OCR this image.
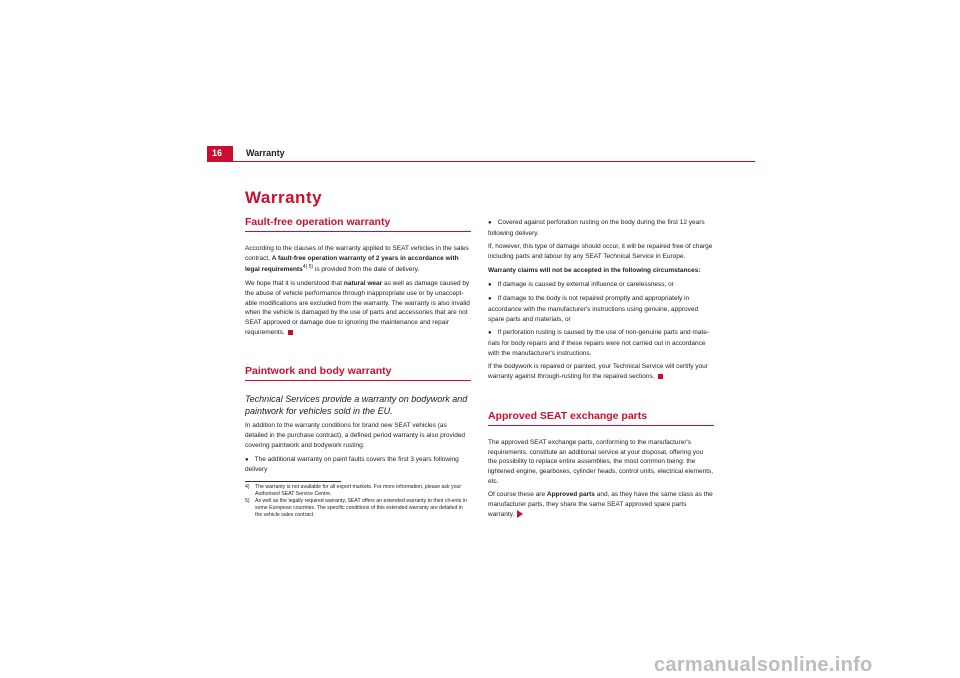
16	Warranty
Warranty
Fault-free operation warranty

According to the clauses of the warranty applied to SEAT vehicles in the sales contract, A fault-free operation warranty of 2 years in accordance with legal requirements$^{4) 5)}$ is provided from the date of delivery.

We hope that it is understood that natural wear as well as damage caused by the abuse of vehicle performance through inappropriate use or by unaccept-able modifications are excluded from the warranty. The warranty is also invalid when the vehicle is damaged by the use of parts and accessories that are not SEAT approved or damage due to ignoring the maintenance and repair requirements.

Paintwork and body warranty

Technical Services provide a warranty on bodywork and paintwork for vehicles sold in the EU.

In addition to the warranty conditions for brand new SEAT vehicles (as detailed in the purchase contract), a defined period warranty is also provided covering paintwork and bodywork rusting:

● The additional warranty on paint faults covers the first 3 years following delivery

4)	The warranty is not available for all export markets. For more information, please ask your Authorised SEAT Service Centre.
5)	As well as the legally required warranty, SEAT offers an extended warranty to their cli-ents in some European countries. The specific conditions of this extended warranty are detailed in the vehicle sales contract.

● Covered against perforation rusting on the body during the first 12 years following delivery.

If, however, this type of damage should occur, it will be repaired free of charge including parts and labour by any SEAT Technical Service in Europe.

Warranty claims will not be accepted in the following circumstances:

● If damage is caused by external influence or carelessness, or

● If damage to the body is not repaired promptly and appropriately in accordance with the manufacturer's instructions using genuine, approved spare parts and materials, or

● If perforation rusting is caused by the use of non-genuine parts and mate-rials for body repairs and if these repairs were not carried out in accordance with the manufacturer's instructions.

If the bodywork is repaired or painted, your Technical Service will certify your warranty against through-rusting for the repaired sections.

Approved SEAT exchange parts

The approved SEAT exchange parts, conforming to the manufacturer's requirements, constitute an additional service at your disposal, offering you the possibility to replace entire assemblies, the most common being: the lightened engine, gearboxes, cylinder heads, control units, electrical elements, etc.

Of course these are Approved parts and, as they have the same class as the manufacturer parts, they share the same SEAT approved spare parts warranty.

carmanualsonline.info
